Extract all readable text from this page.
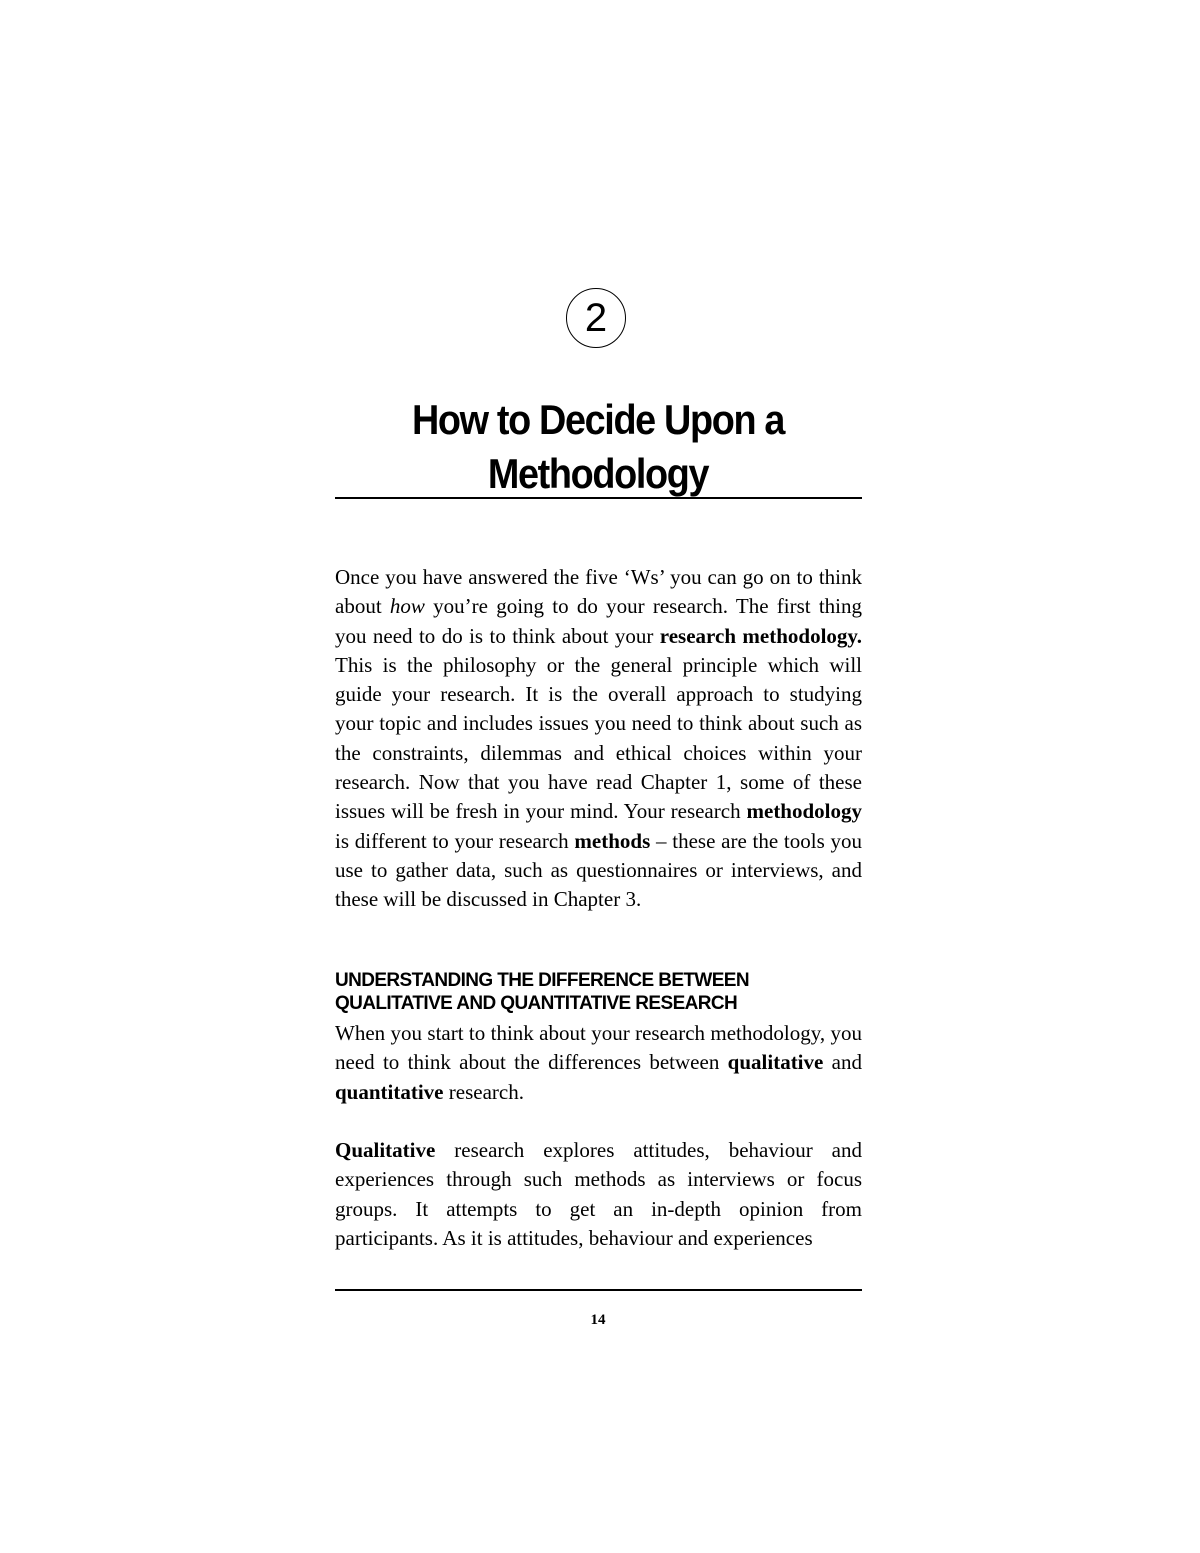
2
How to Decide Upon a
Methodology

Once you have answered the five ‘Ws’ you can go on to think about how you’re going to do your research. The first thing you need to do is to think about your research methodology. This is the philosophy or the general principle which will guide your research. It is the overall approach to studying your topic and includes issues you need to think about such as the constraints, dilemmas and ethical choices within your research. Now that you have read Chapter 1, some of these issues will be fresh in your mind. Your research methodology is different to your research methods – these are the tools you use to gather data, such as questionnaires or interviews, and these will be discussed in Chapter 3.

UNDERSTANDING THE DIFFERENCE BETWEEN
QUALITATIVE AND QUANTITATIVE RESEARCH

When you start to think about your research methodology, you need to think about the differences between qualitative and quantitative research.

Qualitative research explores attitudes, behaviour and experiences through such methods as interviews or focus groups. It attempts to get an in-depth opinion from participants. As it is attitudes, behaviour and experiences

14
